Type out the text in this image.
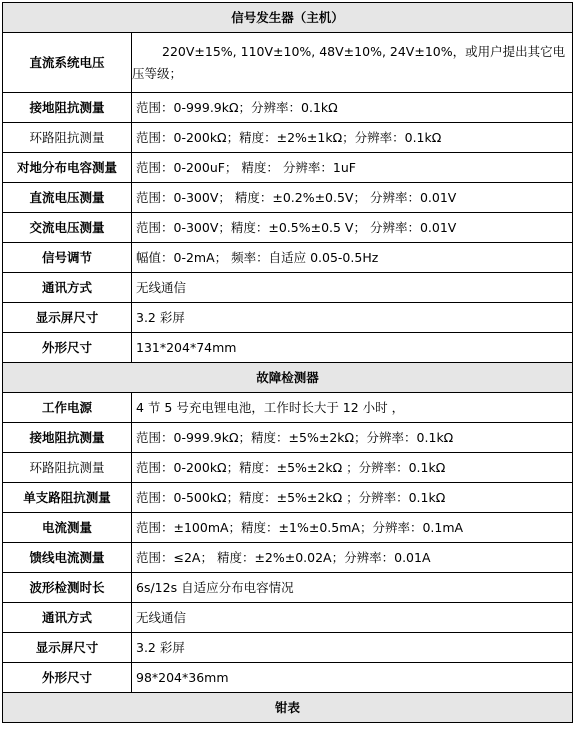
信号发生器（主机）	
直流系统电压	220V±15%, 110V±10%, 48V±10%, 24V±10%，或用户提出其它电压等级；
接地阻抗测量	范围：0-999.9kΩ；分辨率：0.1kΩ
环路阻抗测量	范围：0-200kΩ；精度：±2%±1kΩ；分辨率：0.1kΩ
对地分布电容测量	范围：0-200uF； 精度： 分辨率：1uF
直流电压测量	范围：0-300V； 精度：±0.2%±0.5V； 分辨率：0.01V
交流电压测量	范围：0-300V；精度：±0.5%±0.5 V； 分辨率：0.01V
信号调节	幅值：0-2mA； 频率：自适应 0.05-0.5Hz
通讯方式	无线通信
显示屏尺寸	3.2 彩屏
外形尺寸	131*204*74mm
故障检测器	
工作电源	4 节 5 号充电锂电池，工作时长大于 12 小时 ，
接地阻抗测量	范围：0-999.9kΩ；精度：±5%±2kΩ；分辨率：0.1kΩ
环路阻抗测量	范围：0-200kΩ；精度：±5%±2kΩ ；分辨率：0.1kΩ
单支路阻抗测量	范围：0-500kΩ；精度：±5%±2kΩ ；分辨率：0.1kΩ
电流测量	范围：±100mA；精度：±1%±0.5mA；分辨率：0.1mA
馈线电流测量	范围：≤2A； 精度：±2%±0.02A；分辨率：0.01A
波形检测时长	6s/12s 自适应分布电容情况
通讯方式	无线通信
显示屏尺寸	3.2 彩屏
外形尺寸	98*204*36mm
钳表	
